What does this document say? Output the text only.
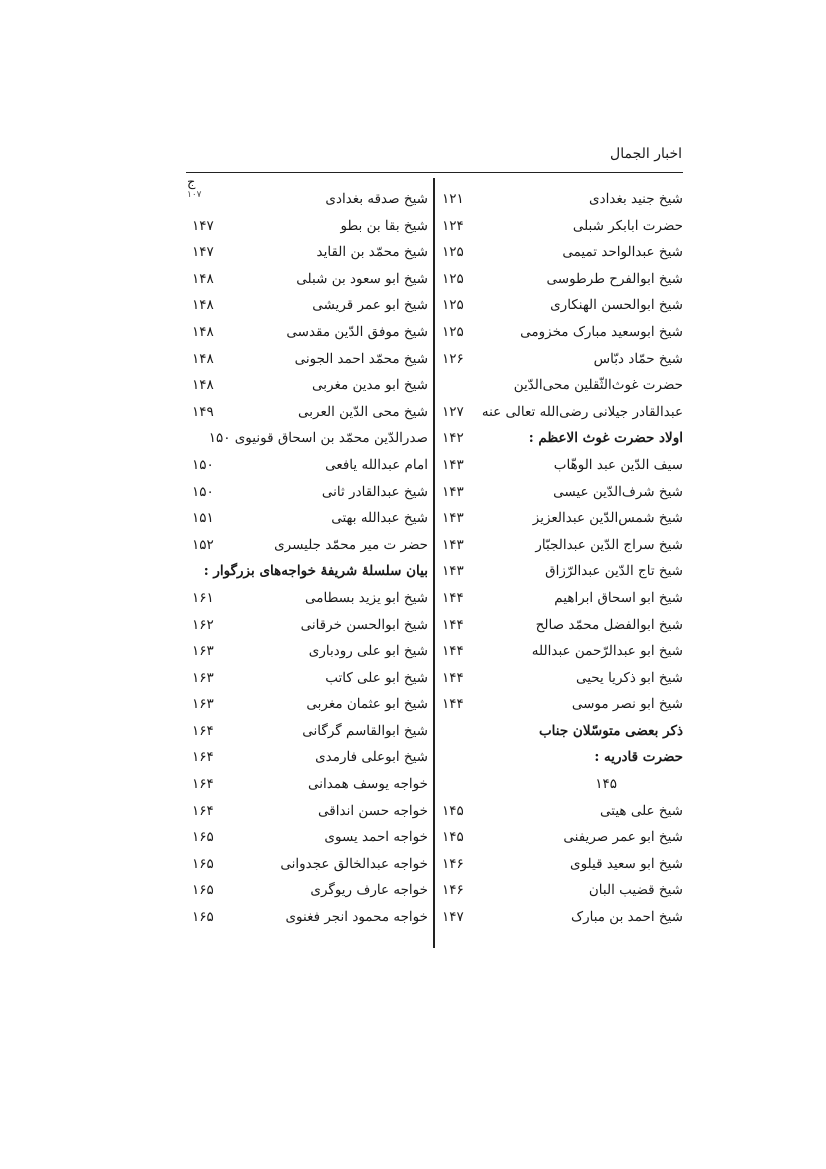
اخبار الجمال
ج
۱۰۷	شیخ جنید بغدادی
۱۲۱
حضرت ابابکر شبلی
۱۲۴
شیخ عبدالواحد تمیمی
۱۲۵
شیخ ابوالفرح طرطوسی
۱۲۵
شیخ ابوالحسن الهنکاری
۱۲۵
شیخ ابوسعید مبارک مخزومی
۱۲۵
شیخ حمّاد دبّاس
۱۲۶
حضرت غوث‌الثّقلین محی‌الدّین
عبدالقادر جیلانی رضی‌الله تعالی عنه
۱۲۷
اولاد حضرت غوث الاعظم :
۱۴۲
سیف الدّین عبد الوهّاب
۱۴۳
شیخ شرف‌الدّین عیسی
۱۴۳
شیخ شمس‌الدّین عبدالعزیز
۱۴۳
شیخ سراج الدّین عبدالجبّار
۱۴۳
شیخ تاج الدّین عبدالرّزاق
۱۴۳
شیخ ابو اسحاق ابراهیم
۱۴۴
شیخ ابوالفضل محمّد صالح
۱۴۴
شیخ ابو عبدالرّحمن عبدالله
۱۴۴
شیخ ابو ذکریا یحیی
۱۴۴
شیخ ابو نصر موسی
۱۴۴
ذکر بعضی متوسّلان جناب
حضرت قادریه :
۱۴۵
شیخ علی هیتی
۱۴۵
شیخ ابو عمر صریفنی
۱۴۵
شیخ ابو سعید قیلوی
۱۴۶
شیخ قضیب البان
۱۴۶
شیخ احمد بن مبارک
۱۴۷
شیخ صدقه بغدادی
شیخ بقا بن بطو
۱۴۷
شیخ محمّد بن القاید
۱۴۷
شیخ ابو سعود بن شبلی
۱۴۸
شیخ ابو عمر قریشی
۱۴۸
شیخ موفق الدّین مقدسی
۱۴۸
شیخ محمّد احمد الجونی
۱۴۸
شیخ ابو مدین مغربی
۱۴۸
شیخ محی الدّین العربی
۱۴۹
صدرالدّین محمّد بن اسحاق قونیوی ۱۵۰
امام عبدالله یافعی
۱۵۰
شیخ عبدالقادر ثانی
۱۵۰
شیخ عبدالله بهتی
۱۵۱
حضر ت میر محمّد جلیسری
۱۵۲
بیان سلسلۀ شریفۀ خواجه‌های بزرگوار :
شیخ ابو یزید بسطامی
۱۶۱
شیخ ابوالحسن خرقانی
۱۶۲
شیخ ابو علی رودباری
۱۶۳
شیخ ابو علی کاتب
۱۶۳
شیخ ابو عثمان مغربی
۱۶۳
شیخ ابوالقاسم گرگانی
۱۶۴
شیخ ابوعلی فارمدی
۱۶۴
خواجه یوسف همدانی
۱۶۴
خواجه حسن انداقی
۱۶۴
خواجه احمد یسوی
۱۶۵
خواجه عبدالخالق عجدوانی
۱۶۵
خواجه عارف ریوگری
۱۶۵
خواجه محمود انجر فغنوی
۱۶۵
